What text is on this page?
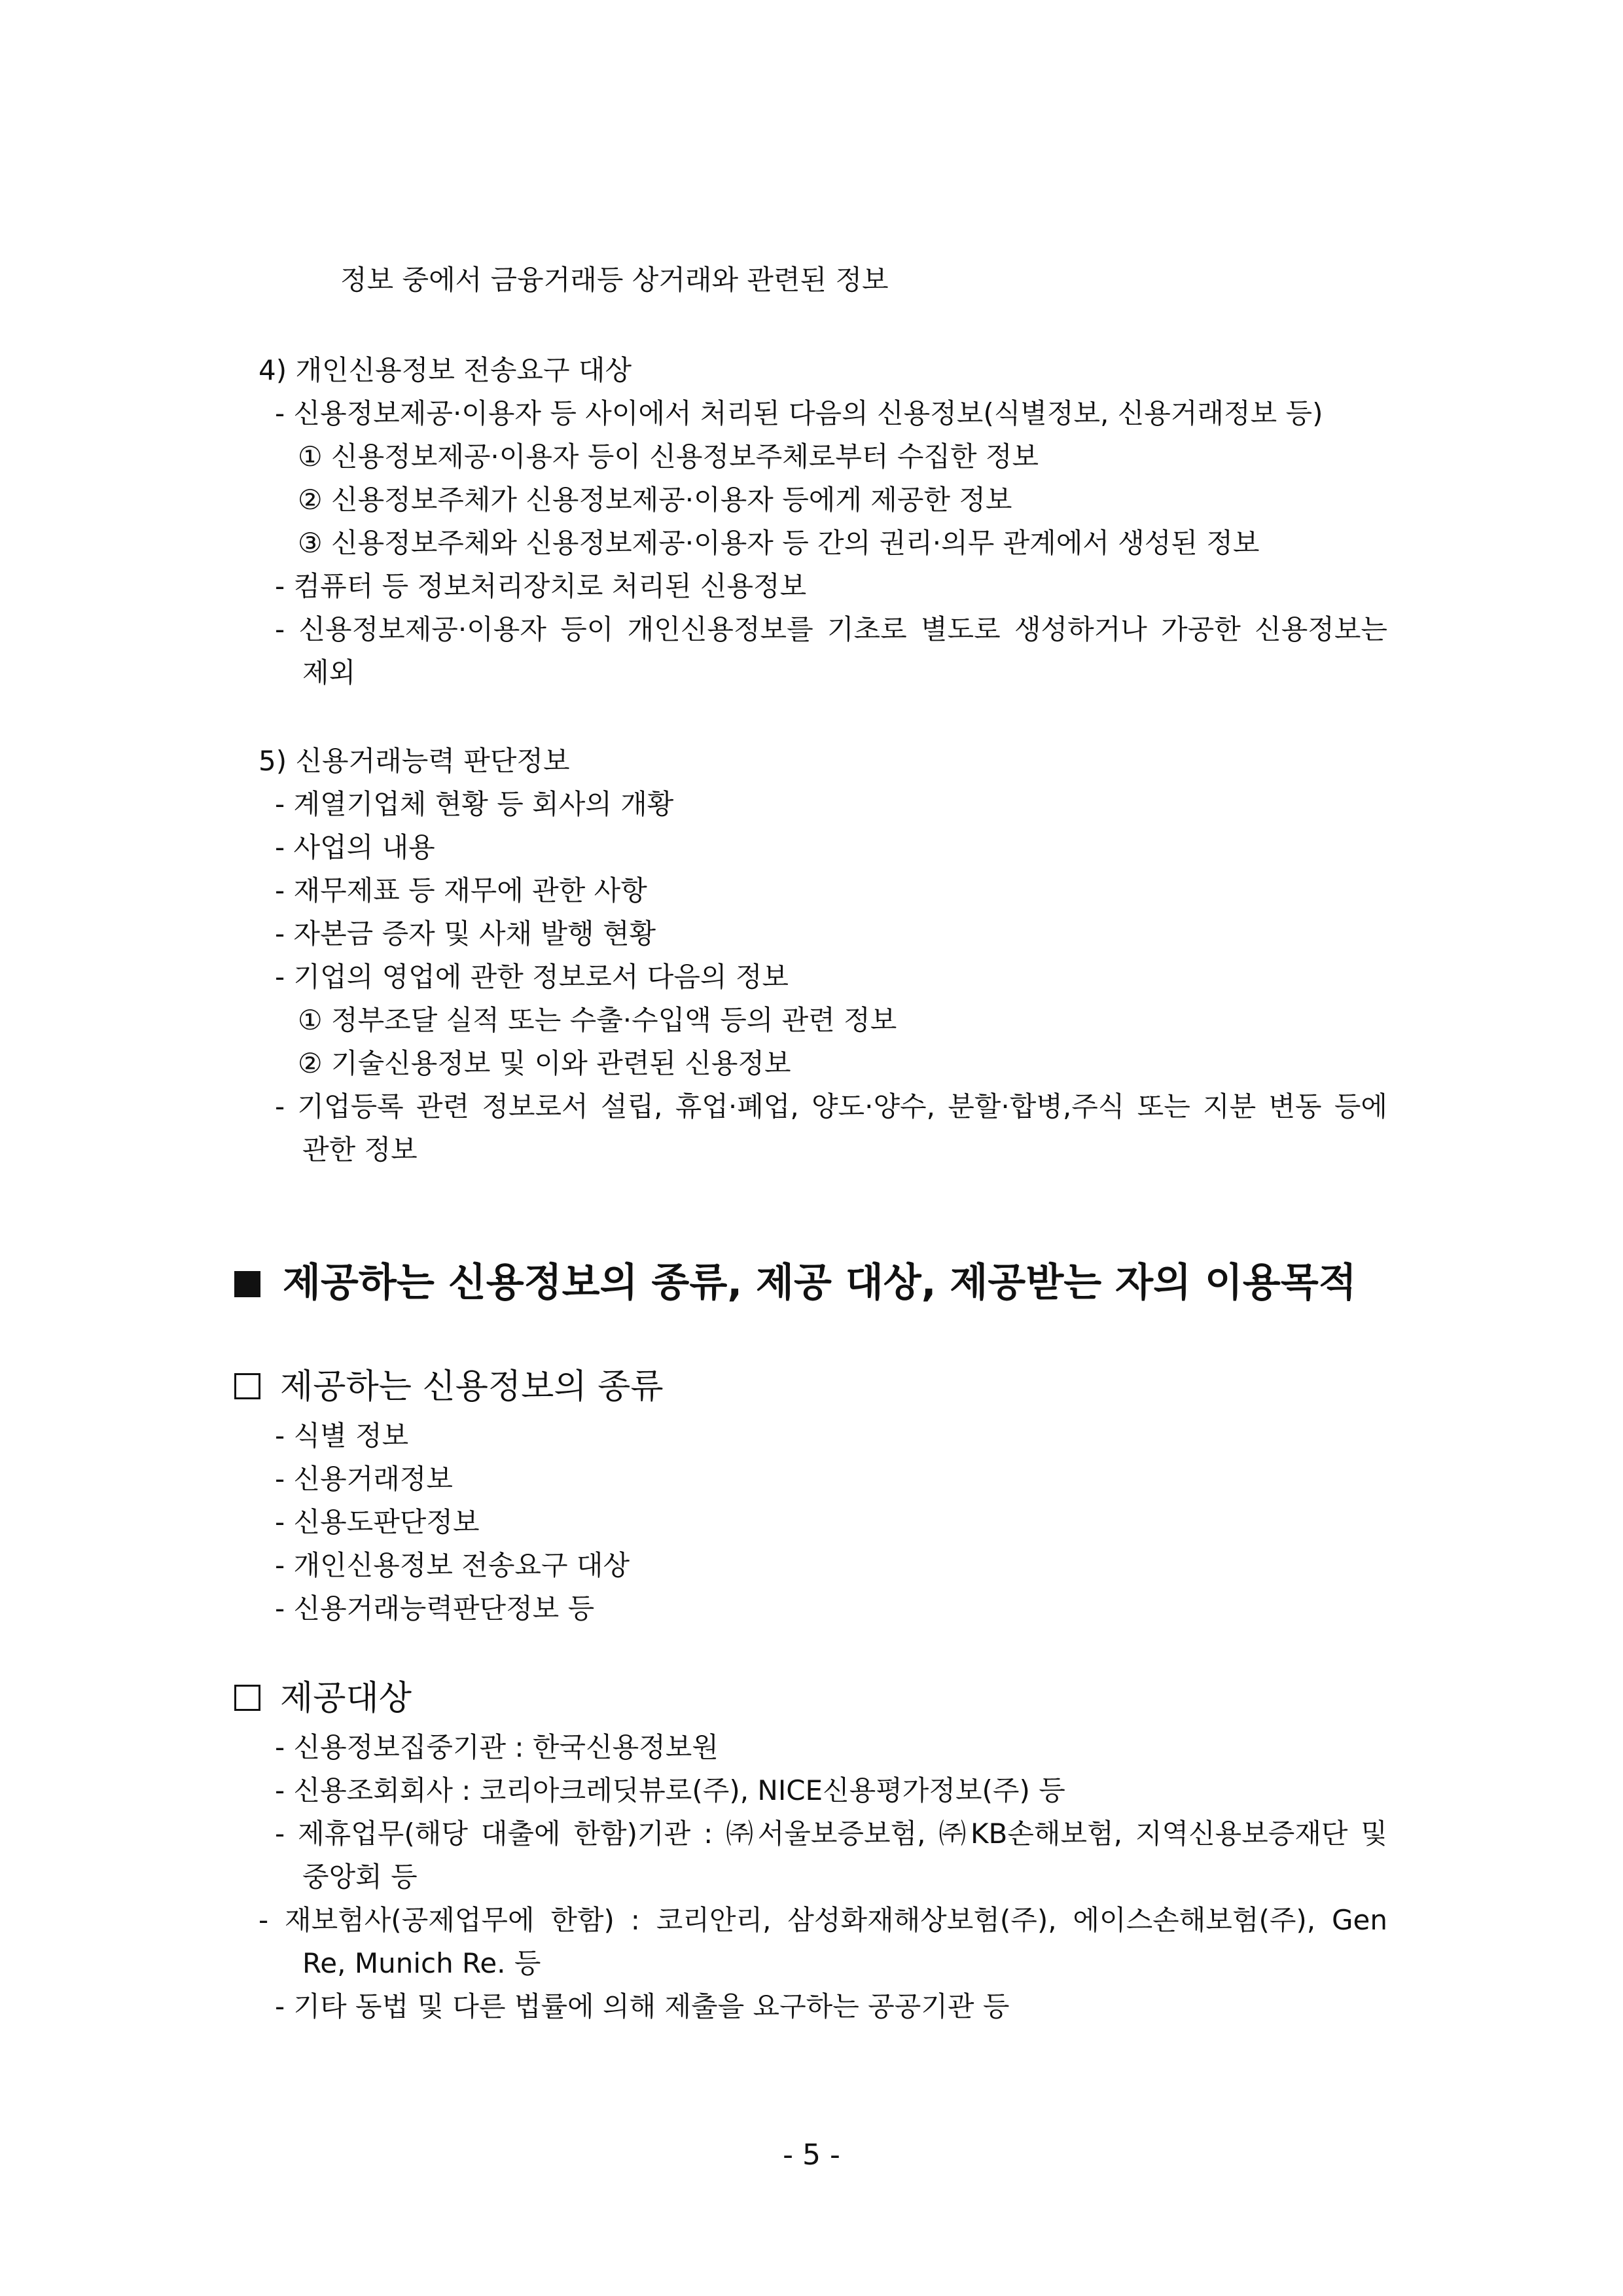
정보 중에서 금융거래등 상거래와 관련된 정보
4) 개인신용정보 전송요구 대상
- 신용정보제공·이용자 등 사이에서 처리된 다음의 신용정보(식별정보, 신용거래정보 등)
① 신용정보제공·이용자 등이 신용정보주체로부터 수집한 정보
② 신용정보주체가 신용정보제공·이용자 등에게 제공한 정보
③ 신용정보주체와 신용정보제공·이용자 등 간의 권리·의무 관계에서 생성된 정보
- 컴퓨터 등 정보처리장치로 처리된 신용정보
- 신용정보제공·이용자 등이 개인신용정보를 기초로 별도로 생성하거나 가공한 신용정보는
제외
5) 신용거래능력 판단정보
- 계열기업체 현황 등 회사의 개황
- 사업의 내용
- 재무제표 등 재무에 관한 사항
- 자본금 증자 및 사채 발행 현황
- 기업의 영업에 관한 정보로서 다음의 정보
① 정부조달 실적 또는 수출·수입액 등의 관련 정보
② 기술신용정보 및 이와 관련된 신용정보
- 기업등록 관련 정보로서 설립, 휴업·폐업, 양도·양수, 분할·합병,주식 또는 지분 변동 등에
관한 정보
제공하는 신용정보의 종류, 제공 대상, 제공받는 자의 이용목적
제공하는 신용정보의 종류
- 식별 정보
- 신용거래정보
- 신용도판단정보
- 개인신용정보 전송요구 대상
- 신용거래능력판단정보 등
제공대상
- 신용정보집중기관 : 한국신용정보원
- 신용조회회사 : 코리아크레딧뷰로(주), NICE신용평가정보(주) 등
- 제휴업무(해당 대출에 한함)기관 : ㈜서울보증보험, ㈜KB손해보험, 지역신용보증재단 및
중앙회 등
- 재보험사(공제업무에 한함) : 코리안리, 삼성화재해상보험(주), 에이스손해보험(주), Gen
Re, Munich Re. 등
- 기타 동법 및 다른 법률에 의해 제출을 요구하는 공공기관 등
- 5 -
